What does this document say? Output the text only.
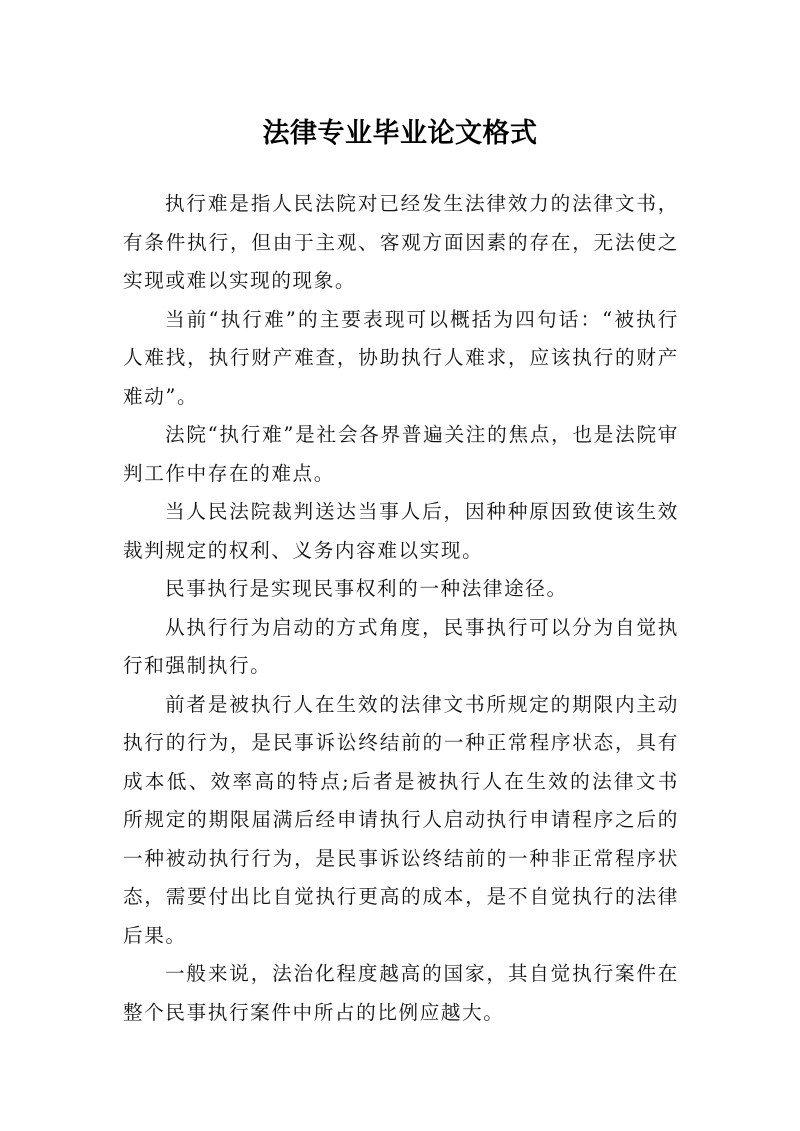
法律专业毕业论文格式

执行难是指人民法院对已经发生法律效力的法律文书，有条件执行，但由于主观、客观方面因素的存在，无法使之实现或难以实现的现象。

当前“执行难”的主要表现可以概括为四句话：“被执行人难找，执行财产难查，协助执行人难求，应该执行的财产难动”。

法院“执行难”是社会各界普遍关注的焦点，也是法院审判工作中存在的难点。

当人民法院裁判送达当事人后，因种种原因致使该生效裁判规定的权利、义务内容难以实现。

民事执行是实现民事权利的一种法律途径。

从执行行为启动的方式角度，民事执行可以分为自觉执行和强制执行。

前者是被执行人在生效的法律文书所规定的期限内主动执行的行为，是民事诉讼终结前的一种正常程序状态，具有成本低、效率高的特点;后者是被执行人在生效的法律文书所规定的期限届满后经申请执行人启动执行申请程序之后的一种被动执行行为，是民事诉讼终结前的一种非正常程序状态，需要付出比自觉执行更高的成本，是不自觉执行的法律后果。

一般来说，法治化程度越高的国家，其自觉执行案件在整个民事执行案件中所占的比例应越大。
